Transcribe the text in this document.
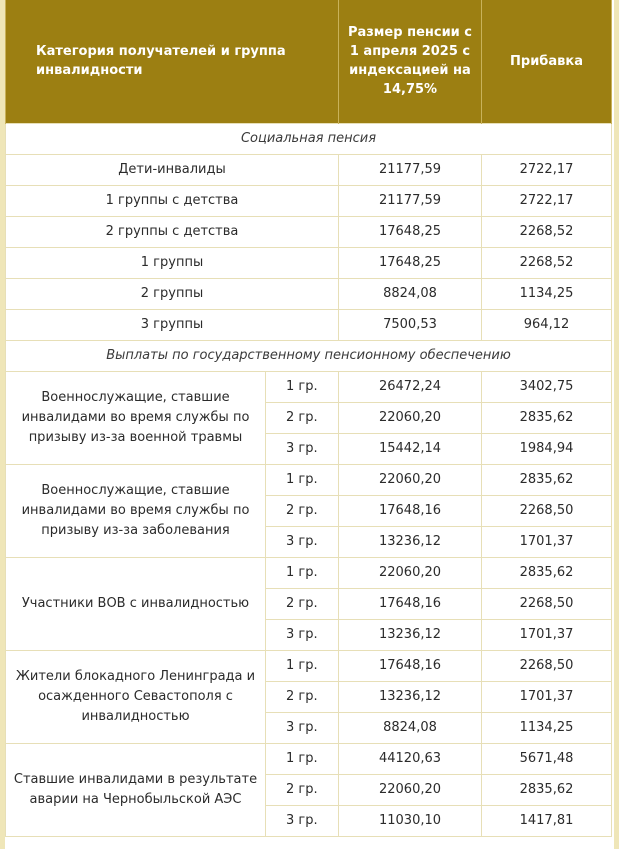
Категория получателей и группа инвалидности		Размер пенсии с 1 апреля 2025 с индексацией на 14,75%	Прибавка
Социальная пенсия			
Дети-инвалиды		21177,59	2722,17
1 группы с детства		21177,59	2722,17
2 группы с детства		17648,25	2268,52
1 группы		17648,25	2268,52
2 группы		8824,08	1134,25
3 группы		7500,53	964,12
Выплаты по государственному пенсионному обеспечению			
Военнослужащие, ставшие инвалидами во время службы по призыву из-за военной травмы	1 гр.	26472,24	3402,75
	2 гр.	22060,20	2835,62
	3 гр.	15442,14	1984,94
Военнослужащие, ставшие инвалидами во время службы по призыву из-за заболевания	1 гр.	22060,20	2835,62
	2 гр.	17648,16	2268,50
	3 гр.	13236,12	1701,37
Участники ВОВ с инвалидностью	1 гр.	22060,20	2835,62
	2 гр.	17648,16	2268,50
	3 гр.	13236,12	1701,37
Жители блокадного Ленинграда и осажденного Севастополя с инвалидностью	1 гр.	17648,16	2268,50
	2 гр.	13236,12	1701,37
	3 гр.	8824,08	1134,25
Ставшие инвалидами в результате аварии на Чернобыльской АЭС	1 гр.	44120,63	5671,48
	2 гр.	22060,20	2835,62
	3 гр.	11030,10	1417,81
